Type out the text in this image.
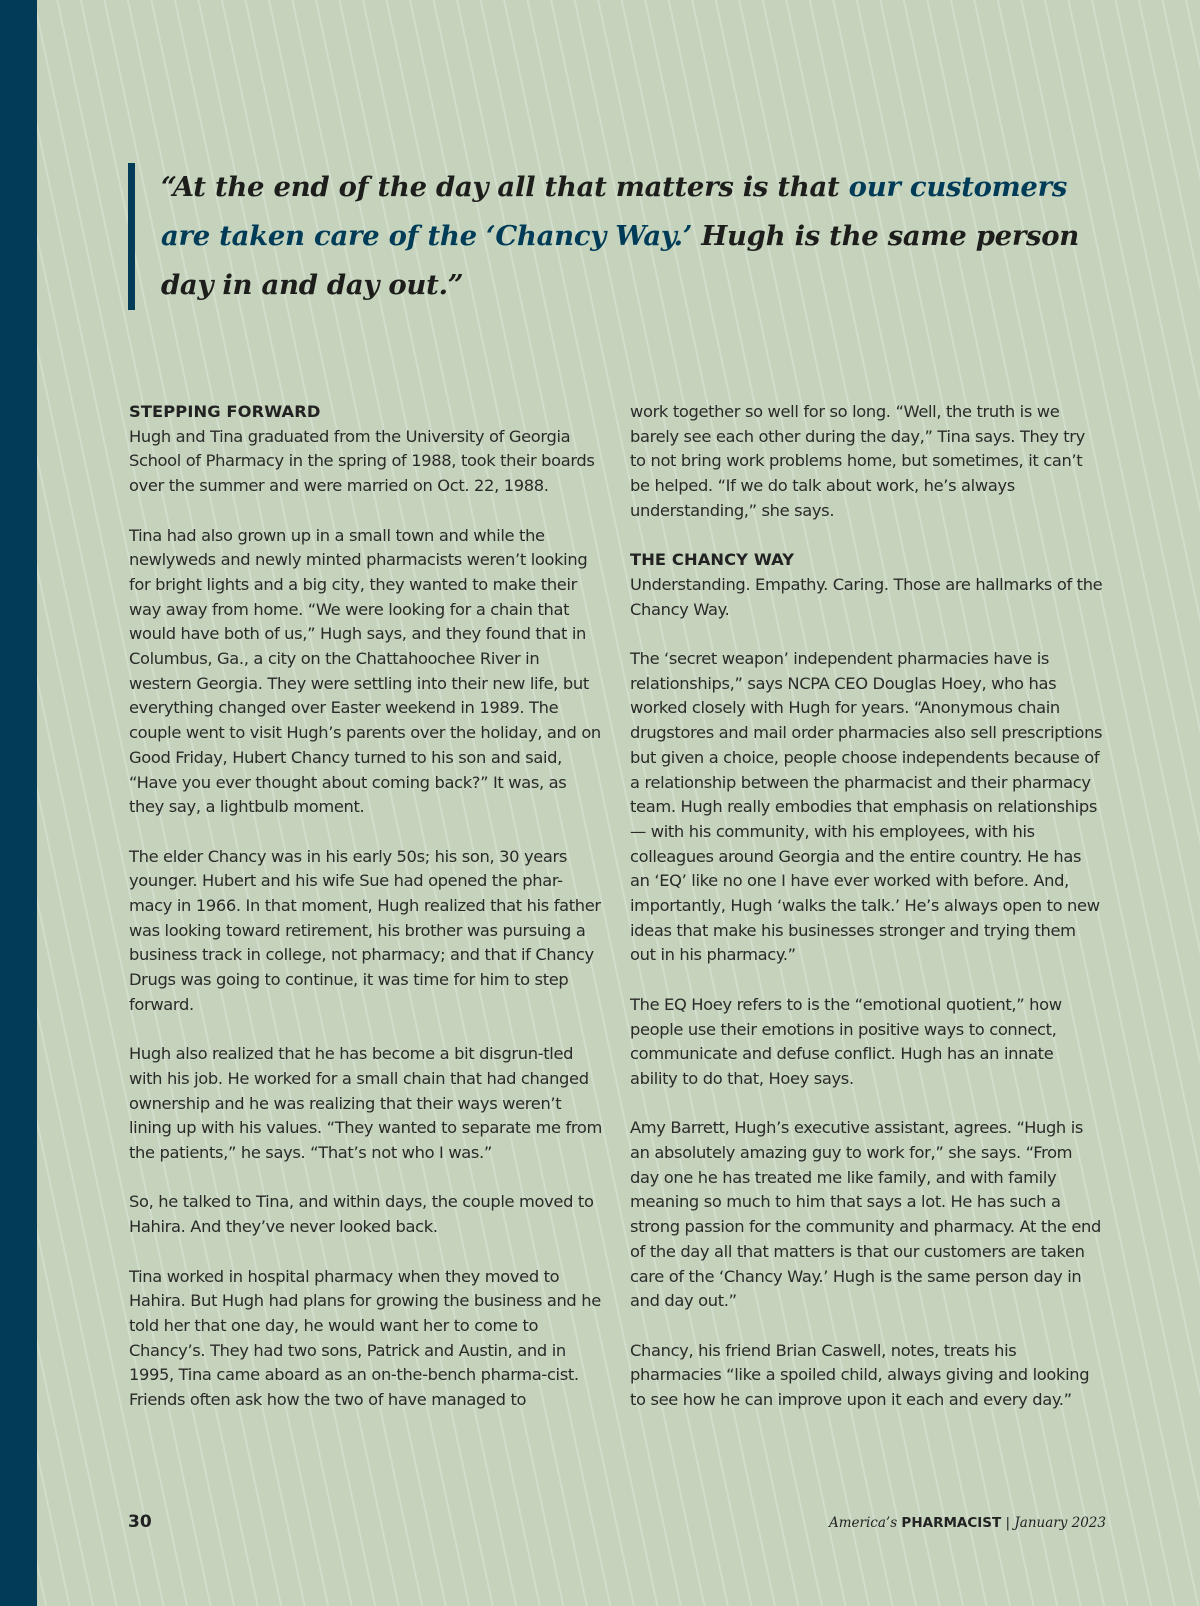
“At the end of the day all that matters is that our customers are taken care of the ‘Chancy Way.’ Hugh is the same person day in and day out.”

STEPPING FORWARD

Hugh and Tina graduated from the University of Georgia School of Pharmacy in the spring of 1988, took their boards over the summer and were married on Oct. 22, 1988.

Tina had also grown up in a small town and while the newlyweds and newly minted pharmacists weren’t looking for bright lights and a big city, they wanted to make their way away from home. “We were looking for a chain that would have both of us,” Hugh says, and they found that in Columbus, Ga., a city on the Chattahoochee River in western Georgia. They were settling into their new life, but everything changed over Easter weekend in 1989. The couple went to visit Hugh’s parents over the holiday, and on Good Friday, Hubert Chancy turned to his son and said, “Have you ever thought about coming back?” It was, as they say, a lightbulb moment.

The elder Chancy was in his early 50s; his son, 30 years younger. Hubert and his wife Sue had opened the phar-macy in 1966. In that moment, Hugh realized that his father was looking toward retirement, his brother was pursuing a business track in college, not pharmacy; and that if Chancy Drugs was going to continue, it was time for him to step forward.

Hugh also realized that he has become a bit disgrun-tled with his job. He worked for a small chain that had changed ownership and he was realizing that their ways weren’t lining up with his values. “They wanted to separate me from the patients,” he says. “That’s not who I was.”

So, he talked to Tina, and within days, the couple moved to Hahira. And they’ve never looked back.

Tina worked in hospital pharmacy when they moved to Hahira. But Hugh had plans for growing the business and he told her that one day, he would want her to come to Chancy’s. They had two sons, Patrick and Austin, and in 1995, Tina came aboard as an on-the-bench pharma-cist. Friends often ask how the two of have managed to

work together so well for so long. “Well, the truth is we barely see each other during the day,” Tina says. They try to not bring work problems home, but sometimes, it can’t be helped. “If we do talk about work, he’s always understanding,” she says.

THE CHANCY WAY

Understanding. Empathy. Caring. Those are hallmarks of the Chancy Way.

The ‘secret weapon’ independent pharmacies have is relationships,” says NCPA CEO Douglas Hoey, who has worked closely with Hugh for years. “Anonymous chain drugstores and mail order pharmacies also sell prescriptions but given a choice, people choose independents because of a relationship between the pharmacist and their pharmacy team. Hugh really embodies that emphasis on relationships — with his community, with his employees, with his colleagues around Georgia and the entire country. He has an ‘EQ’ like no one I have ever worked with before. And, importantly, Hugh ‘walks the talk.’ He’s always open to new ideas that make his businesses stronger and trying them out in his pharmacy.”

The EQ Hoey refers to is the “emotional quotient,” how people use their emotions in positive ways to connect, communicate and defuse conflict. Hugh has an innate ability to do that, Hoey says.

Amy Barrett, Hugh’s executive assistant, agrees. “Hugh is an absolutely amazing guy to work for,” she says. “From day one he has treated me like family, and with family meaning so much to him that says a lot. He has such a strong passion for the community and pharmacy. At the end of the day all that matters is that our customers are taken care of the ‘Chancy Way.’ Hugh is the same person day in and day out.”

Chancy, his friend Brian Caswell, notes, treats his pharmacies “like a spoiled child, always giving and looking to see how he can improve upon it each and every day.”

30	America’s PHARMACIST | January 2023
